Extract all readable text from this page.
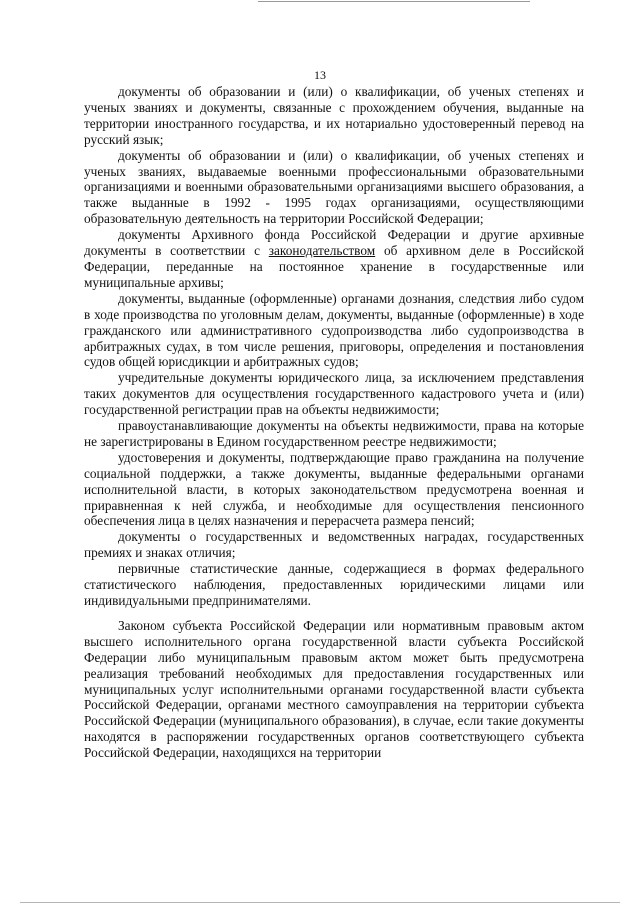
13

документы об образовании и (или) о квалификации, об ученых степенях и ученых званиях и документы, связанные с прохождением обучения, выданные на территории иностранного государства, и их нотариально удостоверенный перевод на русский язык;

документы об образовании и (или) о квалификации, об ученых степенях и ученых званиях, выдаваемые военными профессиональными образовательными организациями и военными образовательными организациями высшего образования, а также выданные в 1992 - 1995 годах организациями, осуществляющими образовательную деятельность на территории Российской Федерации;

документы Архивного фонда Российской Федерации и другие архивные документы в соответствии с законодательством об архивном деле в Российской Федерации, переданные на постоянное хранение в государственные или муниципальные архивы;

документы, выданные (оформленные) органами дознания, следствия либо судом в ходе производства по уголовным делам, документы, выданные (оформленные) в ходе гражданского или административного судопроизводства либо судопроизводства в арбитражных судах, в том числе решения, приговоры, определения и постановления судов общей юрисдикции и арбитражных судов;

учредительные документы юридического лица, за исключением представления таких документов для осуществления государственного кадастрового учета и (или) государственной регистрации прав на объекты недвижимости;

правоустанавливающие документы на объекты недвижимости, права на которые не зарегистрированы в Едином государственном реестре недвижимости;

удостоверения и документы, подтверждающие право гражданина на получение социальной поддержки, а также документы, выданные федеральными органами исполнительной власти, в которых законодательством предусмотрена военная и приравненная к ней служба, и необходимые для осуществления пенсионного обеспечения лица в целях назначения и перерасчета размера пенсий;

документы о государственных и ведомственных наградах, государственных премиях и знаках отличия;

первичные статистические данные, содержащиеся в формах федерального статистического наблюдения, предоставленных юридическими лицами или индивидуальными предпринимателями.

Законом субъекта Российской Федерации или нормативным правовым актом высшего исполнительного органа государственной власти субъекта Российской Федерации либо муниципальным правовым актом может быть предусмотрена реализация требований необходимых для предоставления государственных или муниципальных услуг исполнительными органами государственной власти субъекта Российской Федерации, органами местного самоуправления на территории субъекта Российской Федерации (муниципального образования), в случае, если такие документы находятся в распоряжении государственных органов соответствующего субъекта Российской Федерации, находящихся на территории
